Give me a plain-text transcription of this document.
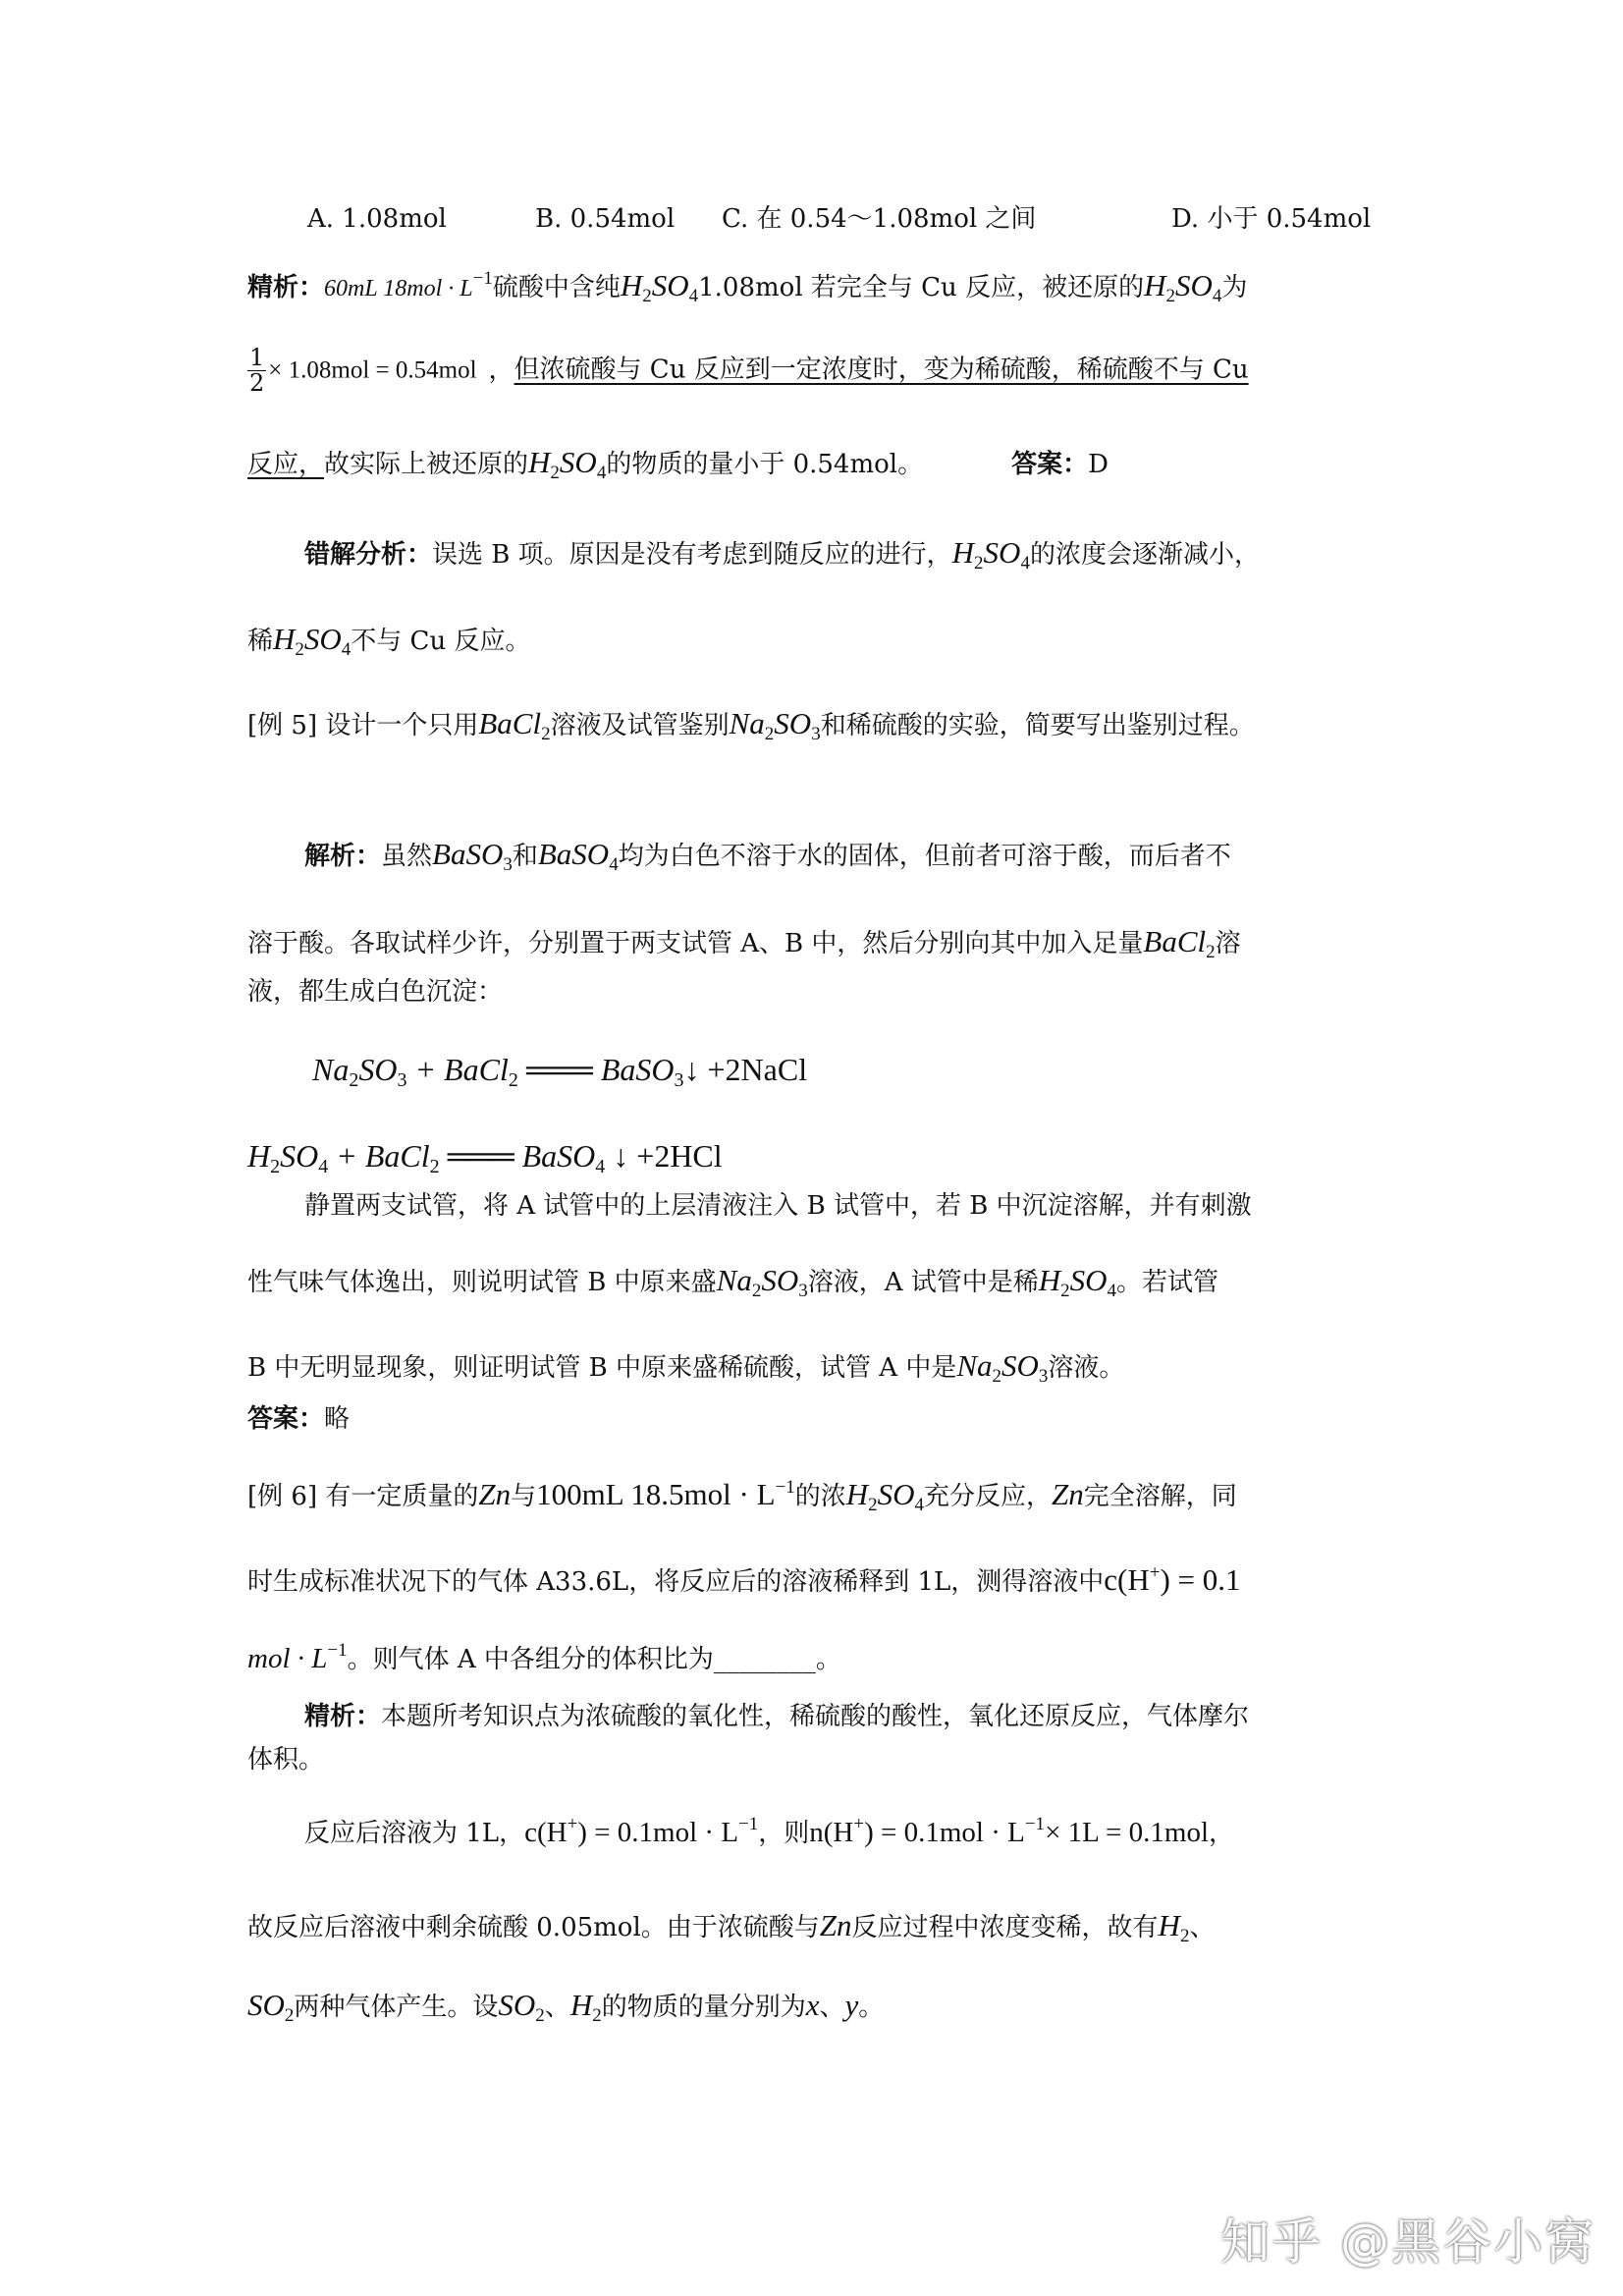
A. 1.08mol	B. 0.54mol C. 在 0.54～1.08mol 之间	D. 小于 0.54mol
精析：60mL $18mol \cdot L^{-1}$硫酸中含纯$H_2SO_41.08mol$ 若完全与 Cu 反应，被还原的$H_2SO_4$为
$\frac{1}{2} \times 1.08mol = 0.54mol$ ，但浓硫酸与 Cu 反应到一定浓度时，变为稀硫酸，稀硫酸不与 Cu
反应，故实际上被还原的$H_2SO_4$的物质的量小于 0.54mol。	答案：D
错解分析：误选 B 项。原因是没有考虑到随反应的进行，$H_2SO_4$的浓度会逐渐减小，
稀$H_2SO_4$不与 Cu 反应。
[例 5] 设计一个只用BaCl$_2$溶液及试管鉴别$Na_2SO_3$和稀硫酸的实验，简要写出鉴别过程。
解析：虽然BaSO$_3$和BaSO$_4$均为白色不溶于水的固体，但前者可溶于酸，而后者不
溶于酸。各取试样少许，分别置于两支试管 A、B 中，然后分别向其中加入足量BaCl$_2$溶
液，都生成白色沉淀：
$Na_2SO_3$ + BaCl$_2$ ═══ BaSO$_3$↓ +2NaCl
$H_2SO_4$ + BaCl$_2$ ═══ BaSO$_4$ ↓ +2HCl
静置两支试管，将 A 试管中的上层清液注入 B 试管中，若 B 中沉淀溶解，并有刺激
性气味气体逸出，则说明试管 B 中原来盛$Na_2SO_3$溶液，A 试管中是稀$H_2SO_4$。若试管
B 中无明显现象，则证明试管 B 中原来盛稀硫酸，试管 A 中是$Na_2SO_3$溶液。
答案：略
[例 6] 有一定质量的Zn与100mL $18.5mol \cdot L^{-1}$的浓$H_2SO_4$充分反应，Zn完全溶解，同
时生成标准状况下的气体 A33.6L，将反应后的溶液稀释到 1L，测得溶液中c(H+) = 0.1
mol · $L^{-1}$。则气体 A 中各组分的体积比为________。
精析：本题所考知识点为浓硫酸的氧化性，稀硫酸的酸性，氧化还原反应，气体摩尔
体积。
反应后溶液为 1L，$c(H^+) = 0.1mol \cdot L^{-1}$，则$n(H^+) = 0.1mol \cdot L^{-1}\times 1L = 0.1mol$，
故反应后溶液中剩余硫酸 0.05mol。由于浓硫酸与Zn反应过程中浓度变稀，故有$H_2$、
$SO_2$两种气体产生。设$SO_2$、$H_2$的物质的量分别为x、y。
知乎 @黑谷小窝
